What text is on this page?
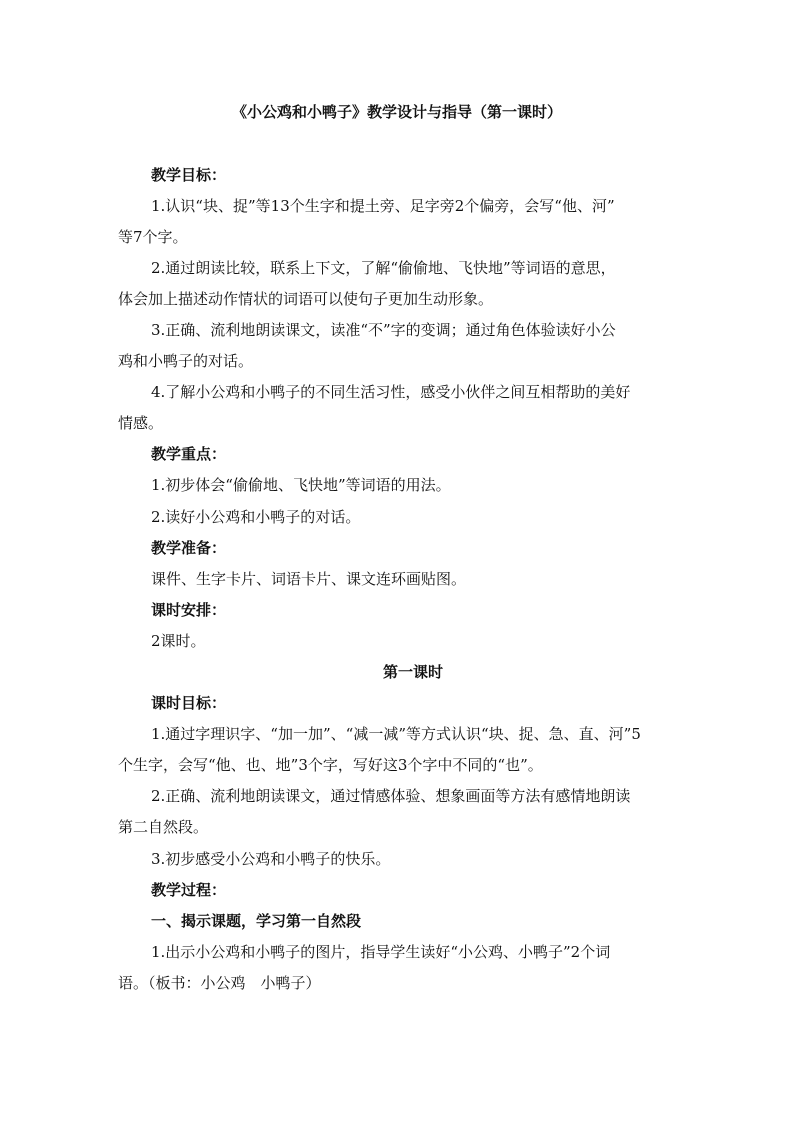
《小公鸡和小鸭子》教学设计与指导（第一课时）
教学目标：
1.认识“块、捉”等13个生字和提土旁、足字旁2个偏旁，会写“他、河”
等7个字。
2.通过朗读比较，联系上下文，了解“偷偷地、飞快地”等词语的意思，
体会加上描述动作情状的词语可以使句子更加生动形象。
3.正确、流利地朗读课文，读准“不”字的变调；通过角色体验读好小公
鸡和小鸭子的对话。
4.了解小公鸡和小鸭子的不同生活习性，感受小伙伴之间互相帮助的美好
情感。
教学重点：
1.初步体会“偷偷地、飞快地”等词语的用法。
2.读好小公鸡和小鸭子的对话。
教学准备：
课件、生字卡片、词语卡片、课文连环画贴图。
课时安排：
2课时。
第一课时
课时目标：
1.通过字理识字、“加一加”、“减一减”等方式认识“块、捉、急、直、河”5
个生字，会写“他、也、地”3个字，写好这3个字中不同的“也”。
2.正确、流利地朗读课文，通过情感体验、想象画面等方法有感情地朗读
第二自然段。
3.初步感受小公鸡和小鸭子的快乐。
教学过程：
一、揭示课题，学习第一自然段
1.出示小公鸡和小鸭子的图片，指导学生读好“小公鸡、小鸭子”2个词
语。（板书：小公鸡　小鸭子）
